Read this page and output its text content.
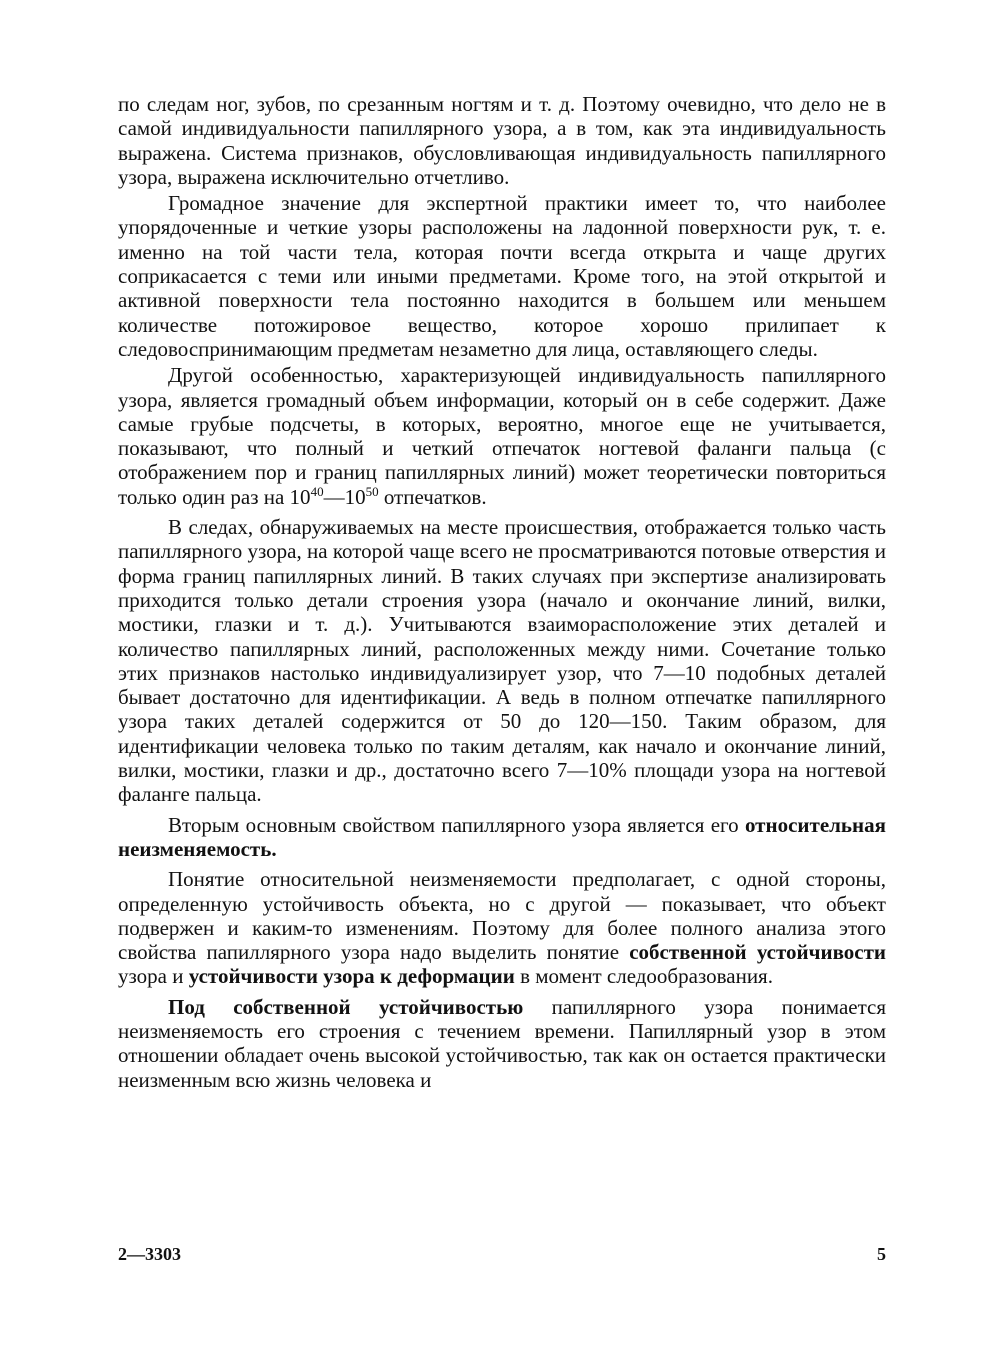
по следам ног, зубов, по срезанным ногтям и т. д. Поэтому очевидно, что дело не в самой индивидуальности папиллярного узора, а в том, как эта индивидуальность выражена. Система признаков, обусловливающая индивидуальность папиллярного узора, выражена исключительно отчетливо.

Громадное значение для экспертной практики имеет то, что наиболее упорядоченные и четкие узоры расположены на ладонной поверхности рук, т. е. именно на той части тела, которая почти всегда открыта и чаще других соприкасается с теми или иными предметами. Кроме того, на этой открытой и активной поверхности тела постоянно находится в большем или меньшем количестве потожировое вещество, которое хорошо прилипает к следовоспринимающим предметам незаметно для лица, оставляющего следы.

Другой особенностью, характеризующей индивидуальность папиллярного узора, является громадный объем информации, который он в себе содержит. Даже самые грубые подсчеты, в которых, вероятно, многое еще не учитывается, показывают, что полный и четкий отпечаток ногтевой фаланги пальца (с отображением пор и границ папиллярных линий) может теоретически повториться только один раз на $10^{40}—10^{50}$ отпечатков.

В следах, обнаруживаемых на месте происшествия, отображается только часть папиллярного узора, на которой чаще всего не просматриваются потовые отверстия и форма границ папиллярных линий. В таких случаях при экспертизе анализировать приходится только детали строения узора (начало и окончание линий, вилки, мостики, глазки и т. д.). Учитываются взаиморасположение этих деталей и количество папиллярных линий, расположенных между ними. Сочетание только этих признаков настолько индивидуализирует узор, что 7—10 подобных деталей бывает достаточно для идентификации. А ведь в полном отпечатке папиллярного узора таких деталей содержится от 50 до 120—150. Таким образом, для идентификации человека только по таким деталям, как начало и окончание линий, вилки, мостики, глазки и др., достаточно всего 7—10% площади узора на ногтевой фаланге пальца.

Вторым основным свойством папиллярного узора является его относительная неизменяемость.

Понятие относительной неизменяемости предполагает, с одной стороны, определенную устойчивость объекта, но с другой — показывает, что объект подвержен и каким-то изменениям. Поэтому для более полного анализа этого свойства папиллярного узора надо выделить понятие собственной устойчивости узора и устойчивости узора к деформации в момент следообразования.

Под собственной устойчивостью папиллярного узора понимается неизменяемость его строения с течением времени. Папиллярный узор в этом отношении обладает очень высокой устойчивостью, так как он остается практически неизменным всю жизнь человека и

2—3303	5
